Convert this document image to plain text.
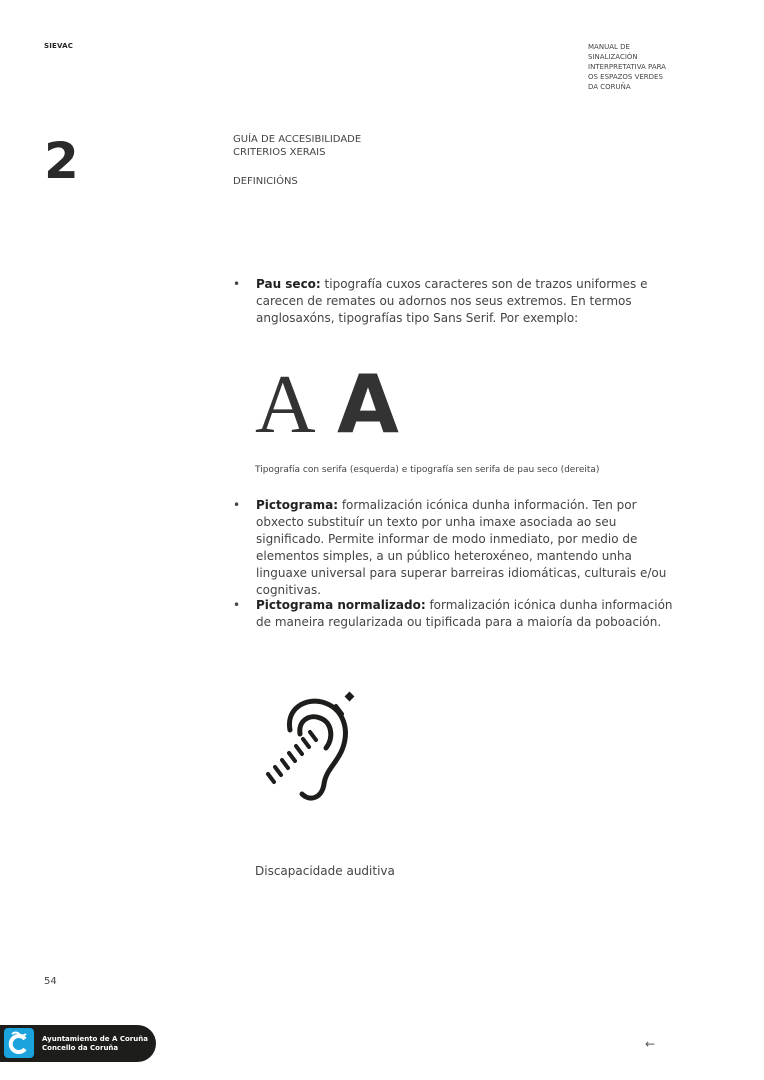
SIEVAC	MANUAL DE
SINALIZACIÓN
INTERPRETATIVA PARA
OS ESPAZOS VERDES
DA CORUÑA
2	GUÍA DE ACCESIBILIDADE
CRITERIOS XERAIS
DEFINICIÓNS
• Pau seco: tipografía cuxos caracteres son de trazos uniformes e carecen de remates ou adornos nos seus extremos. En termos anglosaxóns, tipografías tipo Sans Serif. Por exemplo:

A A
Tipografía con serifa (esquerda) e tipografía sen serifa de pau seco (dereita)
• Pictograma: formalización icónica dunha información. Ten por obxecto substituír un texto por unha imaxe asociada ao seu significado. Permite informar de modo inmediato, por medio de elementos simples, a un público heteroxéneo, mantendo unha linguaxe universal para superar barreiras idiomáticas, culturais e/ou cognitivas.

• Pictograma normalizado: formalización icónica dunha información de maneira regularizada ou tipificada para a maioría da poboación.

Discapacidade auditiva
54
Ayuntamiento de A Coruña
Concello da Coruña	←
